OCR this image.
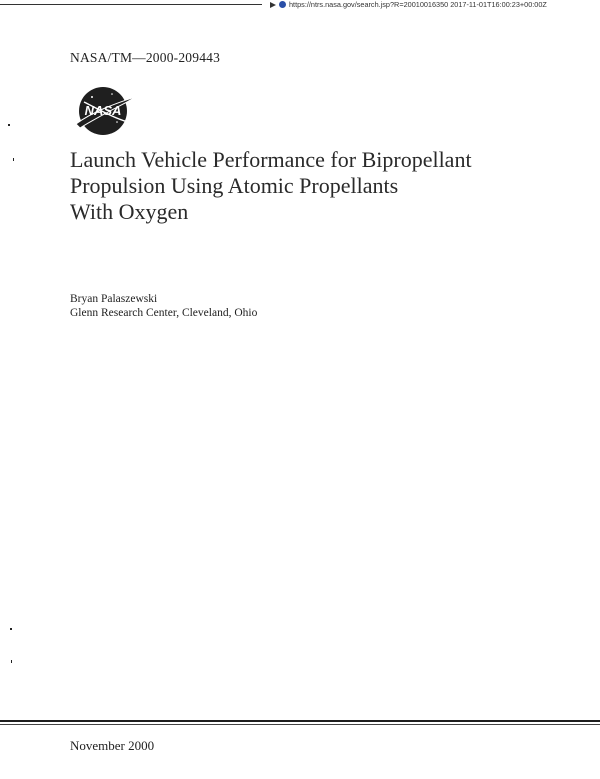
https://ntrs.nasa.gov/search.jsp?R=20010016350 2017-11-01T16:00:23+00:00Z
NASA/TM—2000-209443
NASA
Launch Vehicle Performance for Bipropellant
Propulsion Using Atomic Propellants
With Oxygen
Bryan Palaszewski
Glenn Research Center, Cleveland, Ohio
November 2000
